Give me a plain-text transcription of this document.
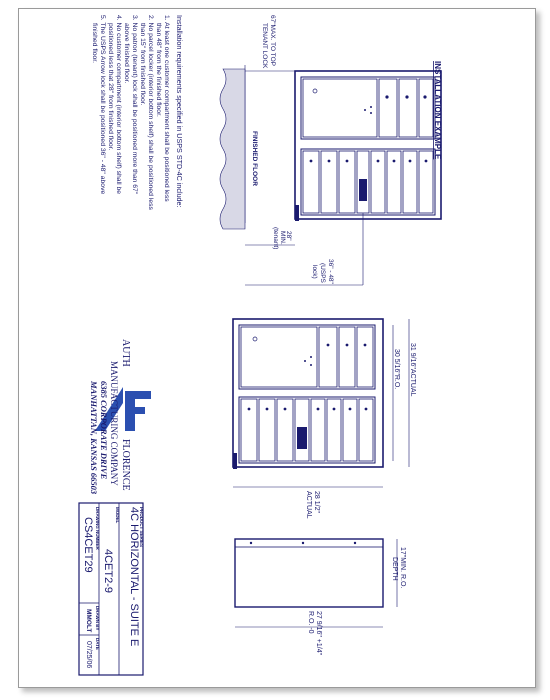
Installation requirements specified in USPS STD-4C include:
1. At least one customer compartment shall be positioned less
than 48" from the finished floor.
2. No parcel locker (interior bottom shelf) shall be positioned less
than 15" from finished floor.
3. No patron (tenant) lock shall be positioned more than 67"
above finished floor.
4. No customer compartment (interior bottom shelf) shall be
positioned less that 28" from finished floor.
5. The USPS Arrow lock shall be positioned 36" - 48" above
finished floor.
INSTALLATION EXAMPLE
67"MAX. TO TOP
TENANT LOCK
FINISHED FLOOR
28"
MIN.
(tenant)
36" - 48"
(USPS
lock)
31 9/16"ACTUAL
30 5/16"R.O.
28 1/2"
ACTUAL
17"MIN. R.O.
DEPTH
27 9/16" +1/4"
R.O. -0
AUTH
FLORENCE
MANUFACTURING COMPANY
6385 CORPORATE DRIVE
MANHATTAN, KANSAS 66503
PRODUCT SERIES
4C HORIZONTAL - SUITE E
MODEL
4CET2-9
DRAWING NUMBER
CS4CET29
DRAWN BY
MMOLT
DATE
07/25/06
